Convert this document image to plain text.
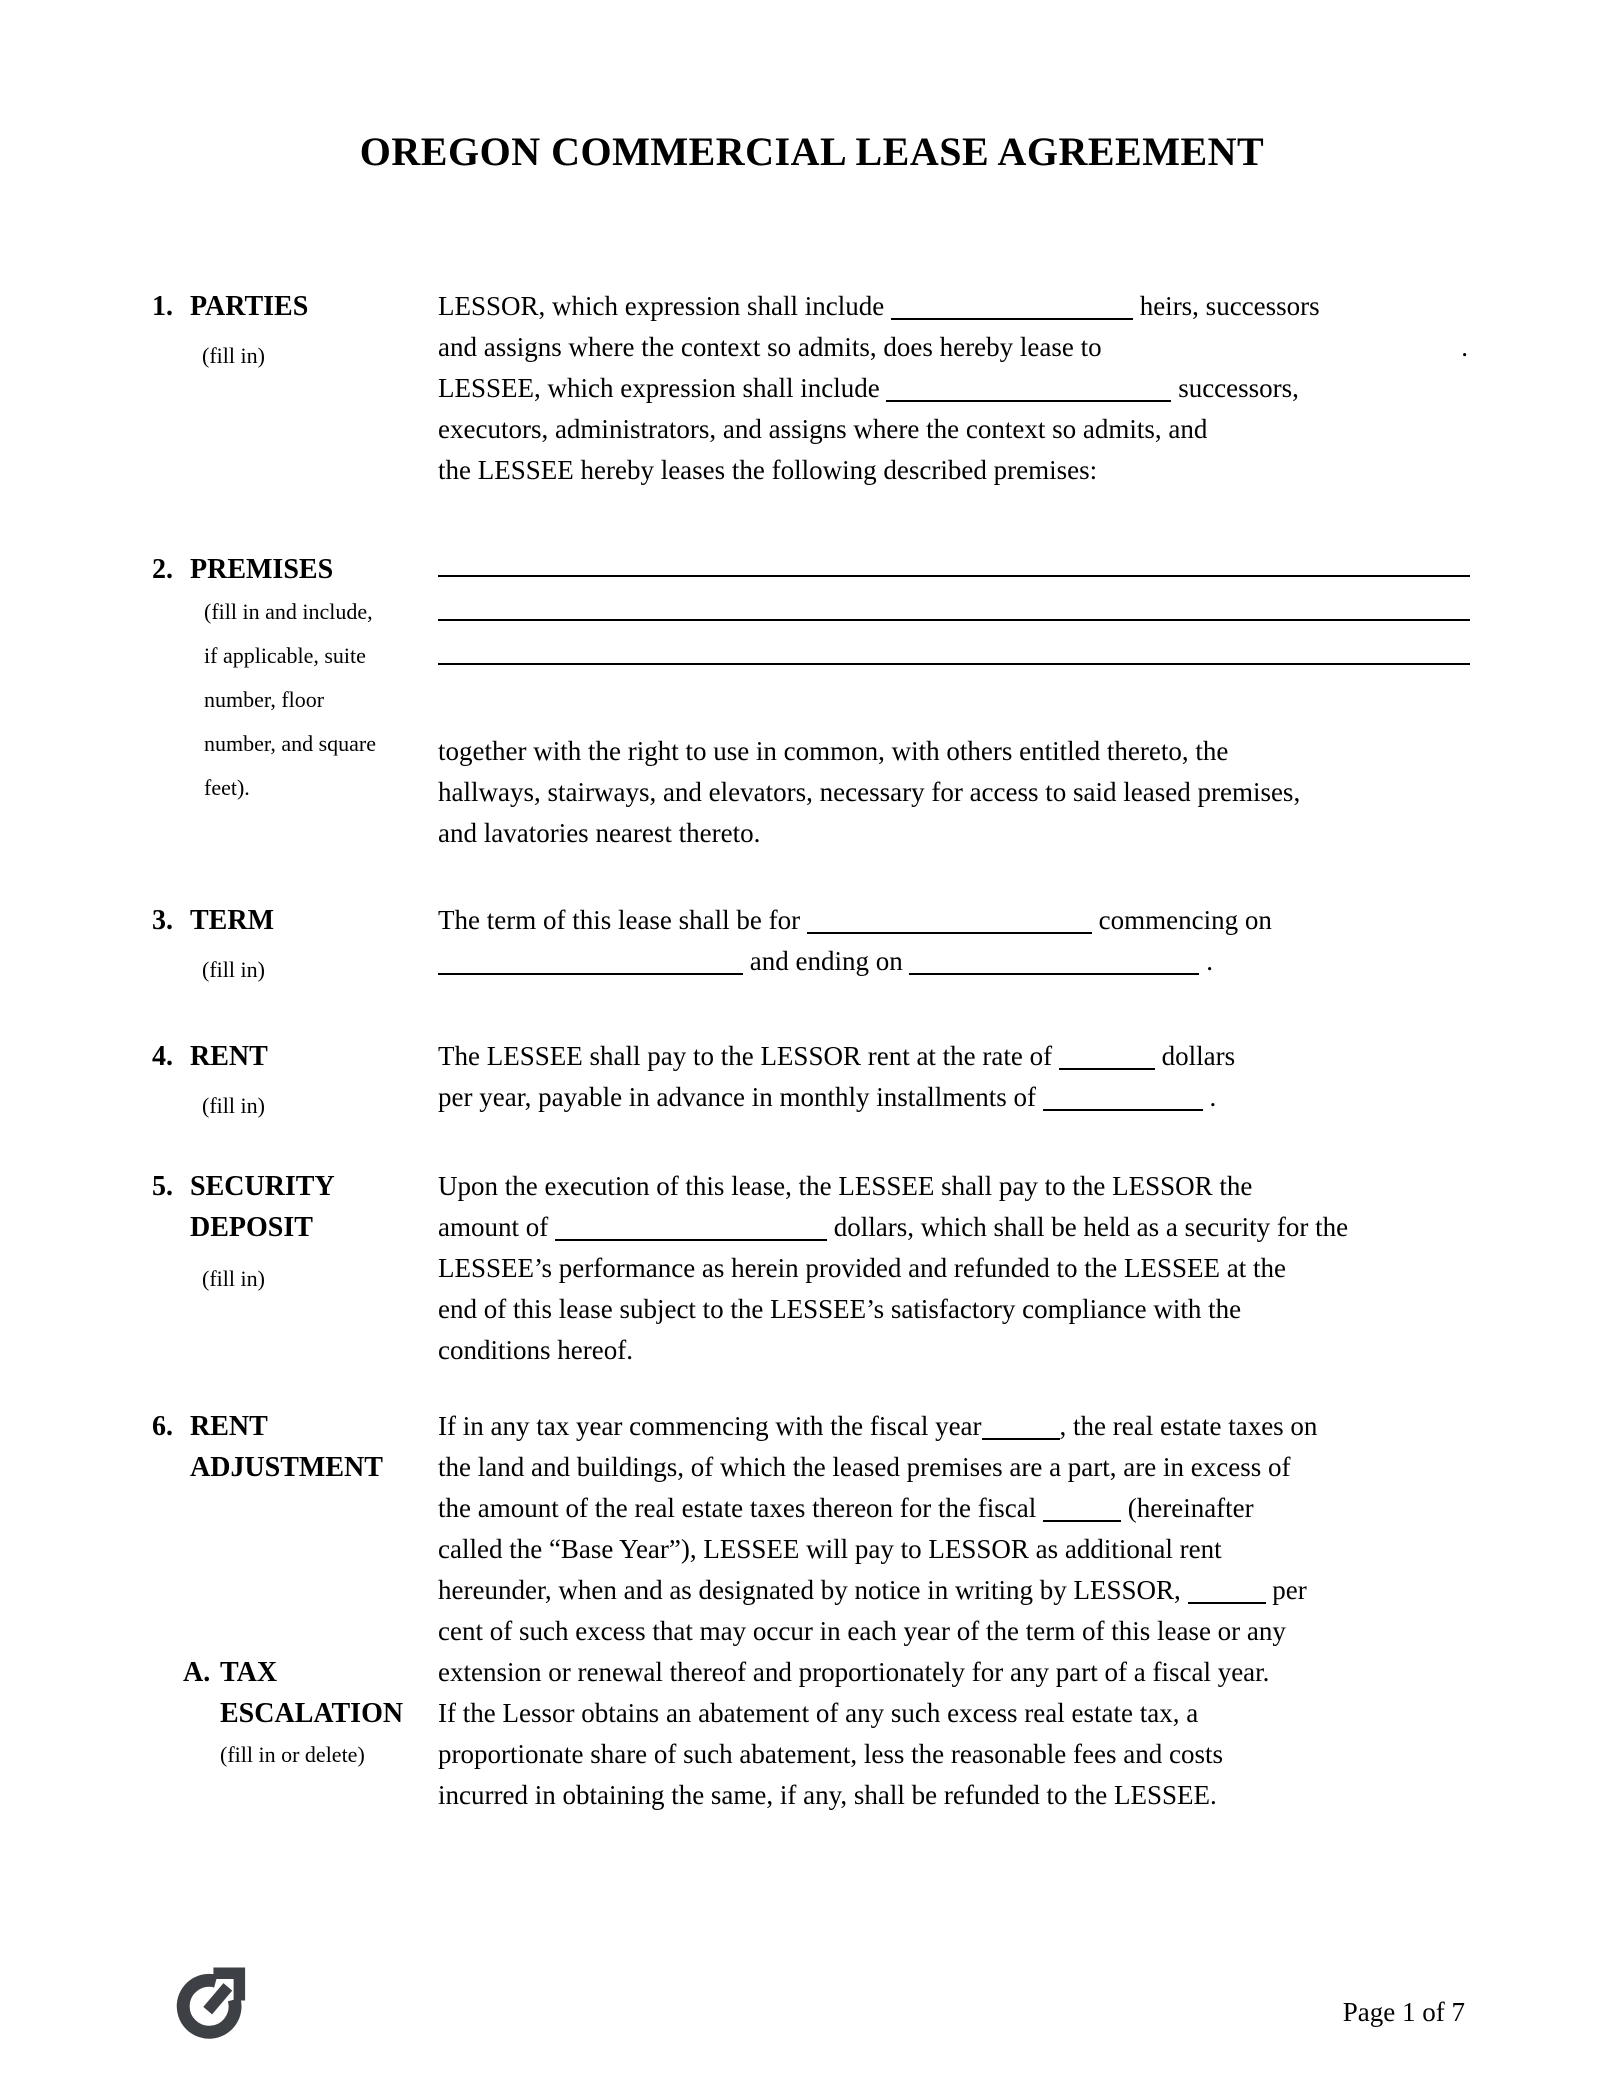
OREGON COMMERCIAL LEASE AGREEMENT
1. PARTIES
(fill in)
LESSOR, which expression shall include	heirs, successors
and assigns where the context so admits, does hereby lease to	.
LESSEE, which expression shall include	successors,
executors, administrators, and assigns where the context so admits, and
the LESSEE hereby leases the following described premises:
2. PREMISES
(fill in and include,
if applicable, suite
number, floor
number, and square
feet).
together with the right to use in common, with others entitled thereto, the
hallways, stairways, and elevators, necessary for access to said leased premises,
and lavatories nearest thereto.
3. TERM
(fill in)
The term of this lease shall be for	commencing on
and ending on	.
4. RENT
(fill in)
The LESSEE shall pay to the LESSOR rent at the rate of	dollars
per year, payable in advance in monthly installments of	.
5. SECURITY
DEPOSIT
(fill in)
Upon the execution of this lease, the LESSEE shall pay to the LESSOR the
amount of	dollars, which shall be held as a security for the
LESSEE’s performance as herein provided and refunded to the LESSEE at the
end of this lease subject to the LESSEE’s satisfactory compliance with the
conditions hereof.
6. RENT
ADJUSTMENT
A. TAX
ESCALATION
(fill in or delete)
If in any tax year commencing with the fiscal year	, the real estate taxes on
the land and buildings, of which the leased premises are a part, are in excess of
the amount of the real estate taxes thereon for the fiscal	(hereinafter
called the “Base Year”), LESSEE will pay to LESSOR as additional rent
hereunder, when and as designated by notice in writing by LESSOR,	per
cent of such excess that may occur in each year of the term of this lease or any
extension or renewal thereof and proportionately for any part of a fiscal year.
If the Lessor obtains an abatement of any such excess real estate tax, a
proportionate share of such abatement, less the reasonable fees and costs
incurred in obtaining the same, if any, shall be refunded to the LESSEE.
Page 1 of 7
